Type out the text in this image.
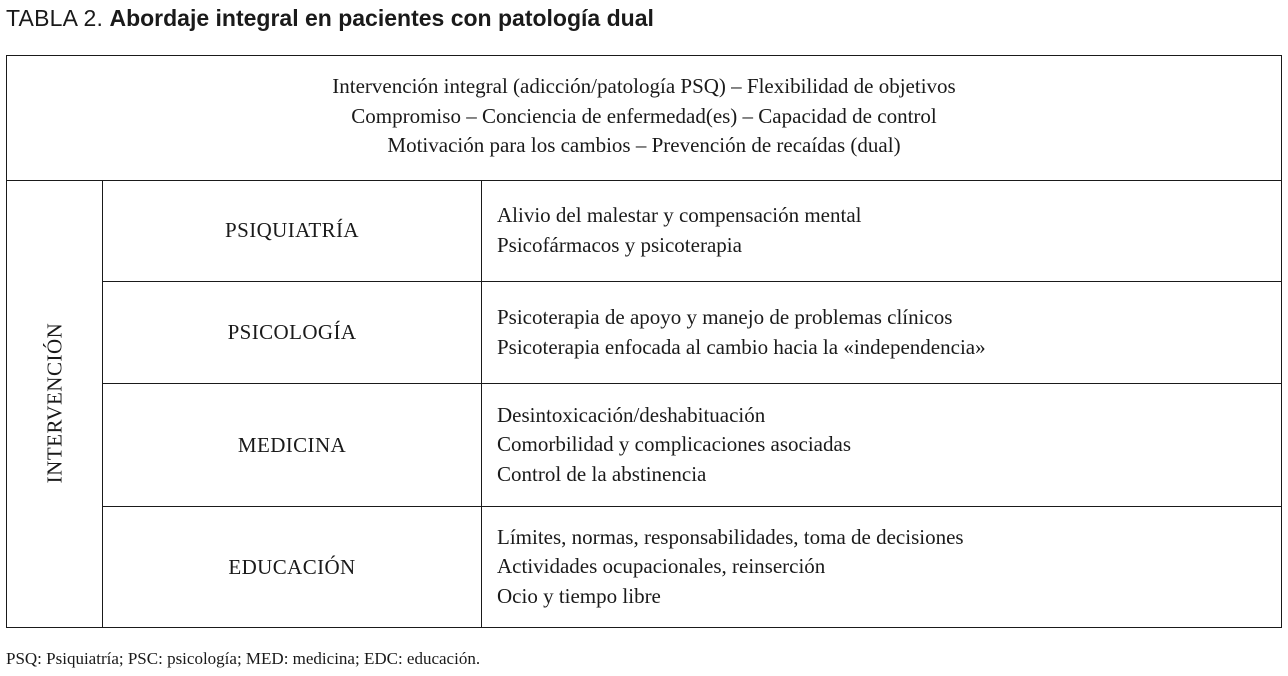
TABLA 2. Abordaje integral en pacientes con patología dual
Intervención integral (adicción/patología PSQ) – Flexibilidad de objetivos
Compromiso – Conciencia de enfermedad(es) – Capacidad de control
Motivación para los cambios – Prevención de recaídas (dual)
INTERVENCIÓN
PSIQUIATRÍA
Alivio del malestar y compensación mental
Psicofármacos y psicoterapia
PSICOLOGÍA
Psicoterapia de apoyo y manejo de problemas clínicos
Psicoterapia enfocada al cambio hacia la «independencia»
MEDICINA
Desintoxicación/deshabituación
Comorbilidad y complicaciones asociadas
Control de la abstinencia
EDUCACIÓN
Límites, normas, responsabilidades, toma de decisiones
Actividades ocupacionales, reinserción
Ocio y tiempo libre
PSQ: Psiquiatría; PSC: psicología; MED: medicina; EDC: educación.
